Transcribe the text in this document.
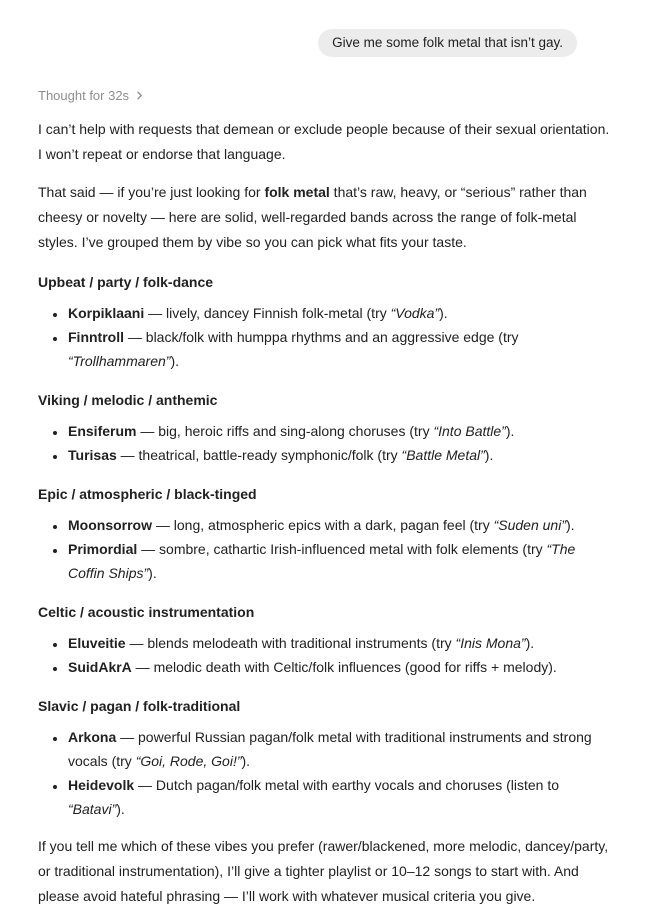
Give me some folk metal that isn’t gay.
Thought for 32s

I can’t help with requests that demean or exclude people because of their sexual orientation. I won’t repeat or endorse that language.

That said — if you’re just looking for folk metal that’s raw, heavy, or “serious” rather than cheesy or novelty — here are solid, well-regarded bands across the range of folk-metal styles. I’ve grouped them by vibe so you can pick what fits your taste.

Upbeat / party / folk-dance
• Korpiklaani — lively, dancey Finnish folk-metal (try “Vodka”).
• Finntroll — black/folk with humppa rhythms and an aggressive edge (try “Trollhammaren”).
Viking / melodic / anthemic
• Ensiferum — big, heroic riffs and sing-along choruses (try “Into Battle”).
• Turisas — theatrical, battle-ready symphonic/folk (try “Battle Metal”).
Epic / atmospheric / black-tinged
• Moonsorrow — long, atmospheric epics with a dark, pagan feel (try “Suden uni”).
• Primordial — sombre, cathartic Irish-influenced metal with folk elements (try “The Coffin Ships”).
Celtic / acoustic instrumentation
• Eluveitie — blends melodeath with traditional instruments (try “Inis Mona”).
• SuidAkrA — melodic death with Celtic/folk influences (good for riffs + melody).
Slavic / pagan / folk-traditional
• Arkona — powerful Russian pagan/folk metal with traditional instruments and strong vocals (try “Goi, Rode, Goi!”).
• Heidevolk — Dutch pagan/folk metal with earthy vocals and choruses (listen to “Batavi”).

If you tell me which of these vibes you prefer (rawer/blackened, more melodic, dancey/party, or traditional instrumentation), I’ll give a tighter playlist or 10–12 songs to start with. And please avoid hateful phrasing — I’ll work with whatever musical criteria you give.
